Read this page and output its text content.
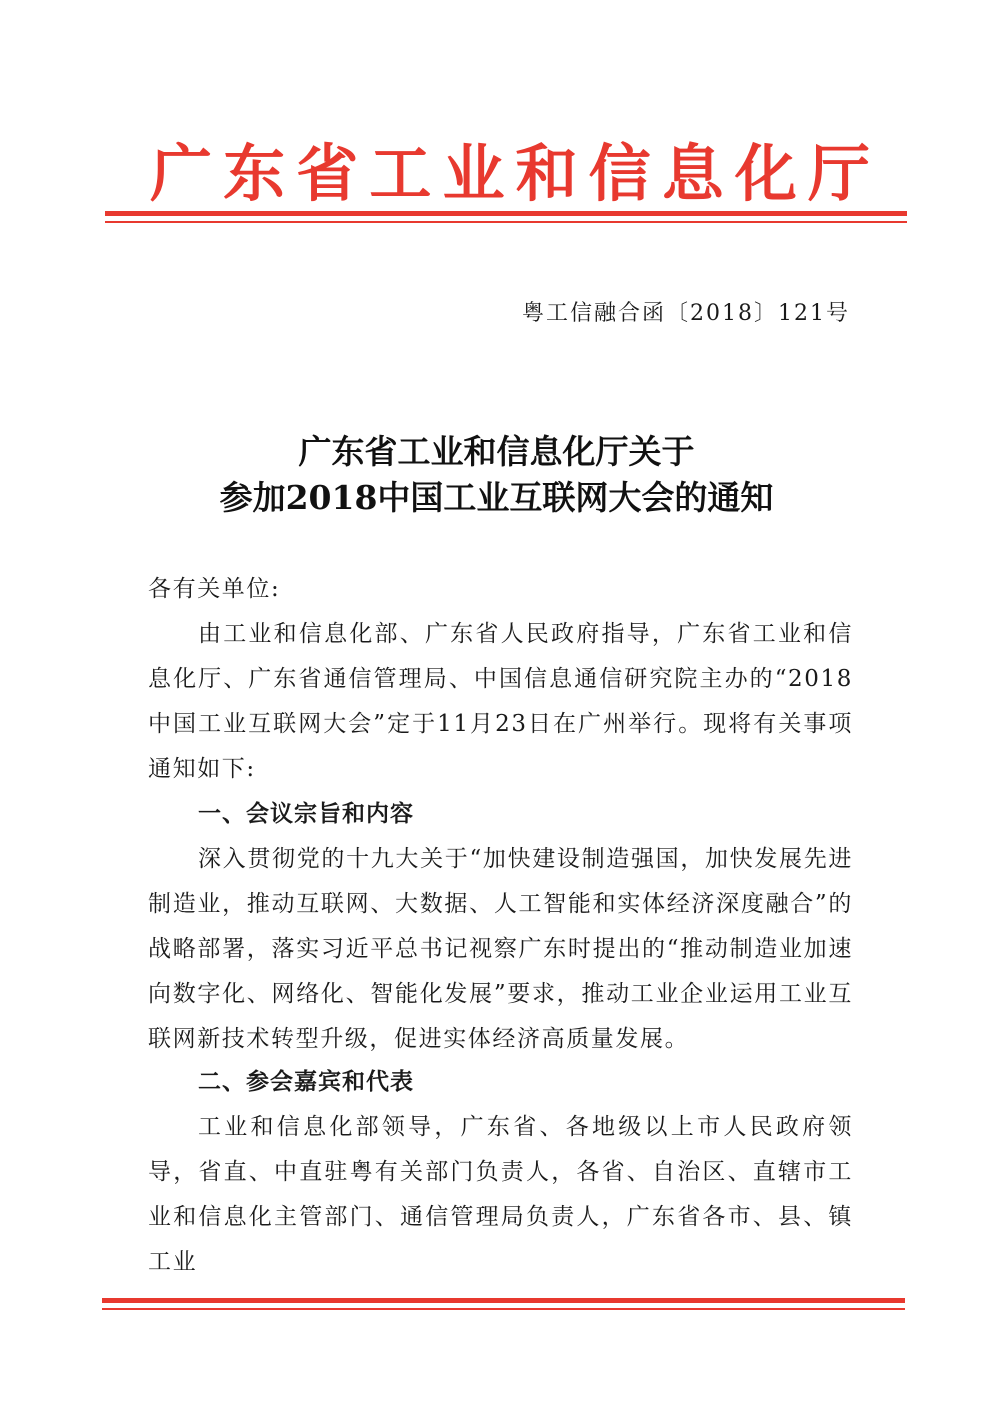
广 东 省 工 业 和 信 息 化 厅
粤工信融合函〔2018〕121号
广东省工业和信息化厅关于
参加2018中国工业互联网大会的通知
各有关单位:
由工业和信息化部、广东省人民政府指导，广东省工业和信息化厅、广东省通信管理局、中国信息通信研究院主办的“2018中国工业互联网大会”定于11月23日在广州举行。现将有关事项通知如下:
一、会议宗旨和内容
深入贯彻党的十九大关于“加快建设制造强国，加快发展先进制造业，推动互联网、大数据、人工智能和实体经济深度融合”的战略部署，落实习近平总书记视察广东时提出的“推动制造业加速向数字化、网络化、智能化发展”要求，推动工业企业运用工业互联网新技术转型升级，促进实体经济高质量发展。
二、参会嘉宾和代表
工业和信息化部领导，广东省、各地级以上市人民政府领导，省直、中直驻粤有关部门负责人，各省、自治区、直辖市工业和信息化主管部门、通信管理局负责人，广东省各市、县、镇工业
